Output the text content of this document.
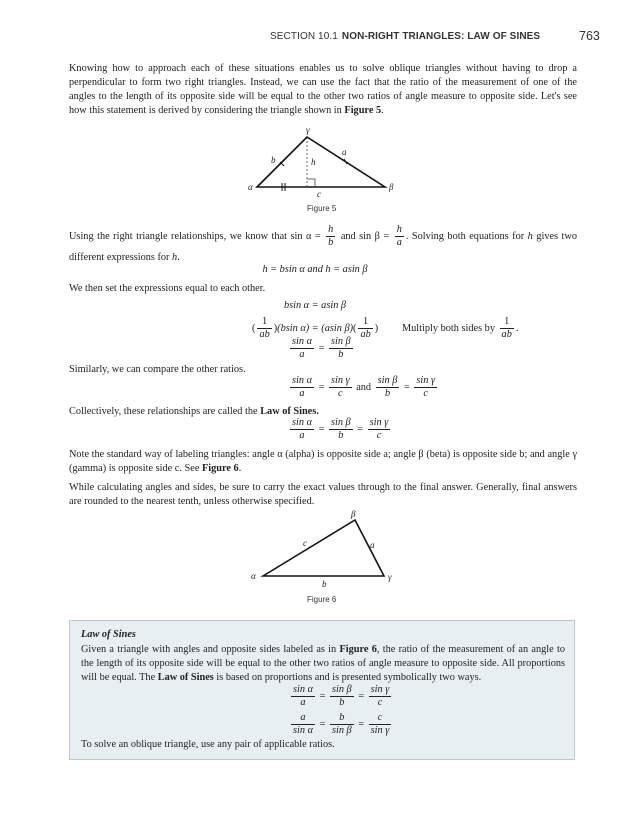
SECTION 10.1 NON-RIGHT TRIANGLES: LAW OF SINES	763
Knowing how to approach each of these situations enables us to solve oblique triangles without having to drop a perpendicular to form two right triangles. Instead, we can use the fact that the ratio of the measurement of one of the angles to the length of its opposite side will be equal to the other two ratios of angle measure to opposite side. Let's see how this statement is derived by considering the triangle shown in Figure 5.
γ
α	β
b	h
a
c
Figure 5
Using the right triangle relationships, we know that $\sin \alpha = \frac{h}{b}$ and $\sin \beta = \frac{h}{a}$ . Solving both equations for h gives two different expressions for h.
h = bsin α and h = asin β
We then set the expressions equal to each other.
bsin α = asin β
( $\frac{1}{ab} )(bsin$ α) = (asin $\beta)( \frac{1}{ab}$ ) Multiply both sides by $\frac{1}{ab}$ .
$\frac{\text{sin α}}{a} = \frac{\text{sin β}}{b}$
Similarly, we can compare the other ratios.
$\frac{\text{sin α}}{a} = \frac{\text{sin γ}}{c}$ and $\frac{\text{sin β}}{b} = \frac{\text{sin γ}}{c}$
Collectively, these relationships are called the Law of Sines.
$\frac{\text{sin α}}{a} = \frac{\text{sin β}}{b} = \frac{\text{sin γ}}{c}$
Note the standard way of labeling triangles: angle α (alpha) is opposite side a; angle β (beta) is opposite side b; and angle γ (gamma) is opposite side c. See Figure 6.
While calculating angles and sides, be sure to carry the exact values through to the final answer. Generally, final answers are rounded to the nearest tenth, unless otherwise specified.
β
α	γ
c	a
b
Figure 6
Law of Sines
Given a triangle with angles and opposite sides labeled as in Figure 6, the ratio of the measurement of an angle to the length of its opposite side will be equal to the other two ratios of angle measure to opposite side. All proportions will be equal. The Law of Sines is based on proportions and is presented symbolically two ways.
$\frac{\text{sin α}}{a} = \frac{\text{sin β}}{b} = \frac{\text{sin γ}}{c}$
$\frac{a}{\text{sin α}} = \frac{b}{\text{sin β}} = \frac{c}{\text{sin γ}}$
To solve an oblique triangle, use any pair of applicable ratios.
